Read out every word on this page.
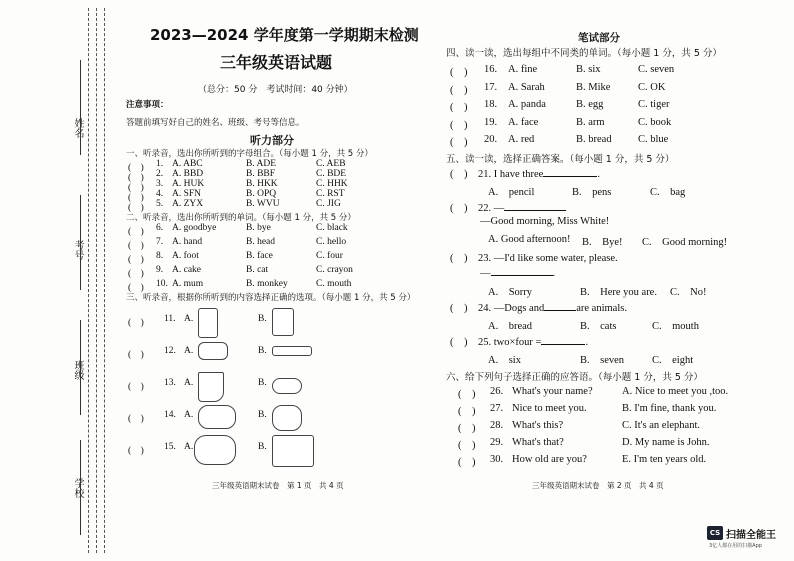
姓名
考号
班级
学校
2023—2024 学年度第一学期期末检测
三年级英语试题
（总分：50 分　考试时间：40 分钟）
注意事项：
答题前填写好自己的姓名、班级、考号等信息。
听力部分
一、听录音，选出你所听到的字母组合。（每小题 1 分，共 5 分）
(　) 1. A. ABC	B. ADE	C. AEB
(　) 2. A. BBD	B. BBF	C. BDE
(　) 3. A. HUK	B. HKK	C. HHK
(　) 4. A. SFN	B. OPQ	C. RST
(　) 5. A. ZYX	B. WVU	C. JIG
二、听录音，选出你所听到的单词。（每小题 1 分，共 5 分）
(　) 6. A. goodbye	B. bye	C. black
(　) 7. A. hand	B. head	C. hello
(　) 8. A. foot	B. face	C. four
(　) 9. A. cake	B. cat	C. crayon
(　) 10. A. mum	B. monkey	C. mouth
三、听录音，根据你所听到的内容选择正确的选项。（每小题 1 分，共 5 分）
(　) 11. A.	B.
(　) 12. A.	B.
(　) 13. A.	B.
(　) 14. A.	B.
(　) 15. A.	B.
三年级英语期末试卷　第 1 页　共 4 页
笔试部分
四、读一读，选出每组中不同类的单词。（每小题 1 分，共 5 分）
(　) 16. A. fine	B. six	C. seven
(　) 17. A. Sarah	B. Mike	C. OK
(　) 18. A. panda	B. egg	C. tiger
(　) 19. A. face	B. arm	C. book
(　) 20. A. red	B. bread	C. blue
五、读一读，选择正确答案。（每小题 1 分，共 5 分）
(　) 21. I have three	.
A.　pencil	B.　pens	C.　bag
(　) 22. —
—Good morning, Miss White!
A. Good afternoon! B.　Bye! C.　Good morning!
(　) 23. —I'd like some water, please.
—	.
A.　Sorry	B.　Here you are. C.　No!
(　) 24. —Dogs and	are animals.
A.　bread	B.　cats	C.　mouth
(　) 25. two×four =	.
A.　six	B.　seven	C.　eight
六、给下列句子选择正确的应答语。（每小题 1 分，共 5 分）
(　) 26. What's your name?	A. Nice to meet you ,too.
(　) 27. Nice to meet you.	B. I'm fine, thank you.
(　) 28. What's this?	C. It's an elephant.
(　) 29. What's that?	D. My name is John.
(　) 30. How old are you?	E. I'm ten years old.
三年级英语期末试卷　第 2 页　共 4 页
CS 扫描全能王
3亿人都在用的扫描App
